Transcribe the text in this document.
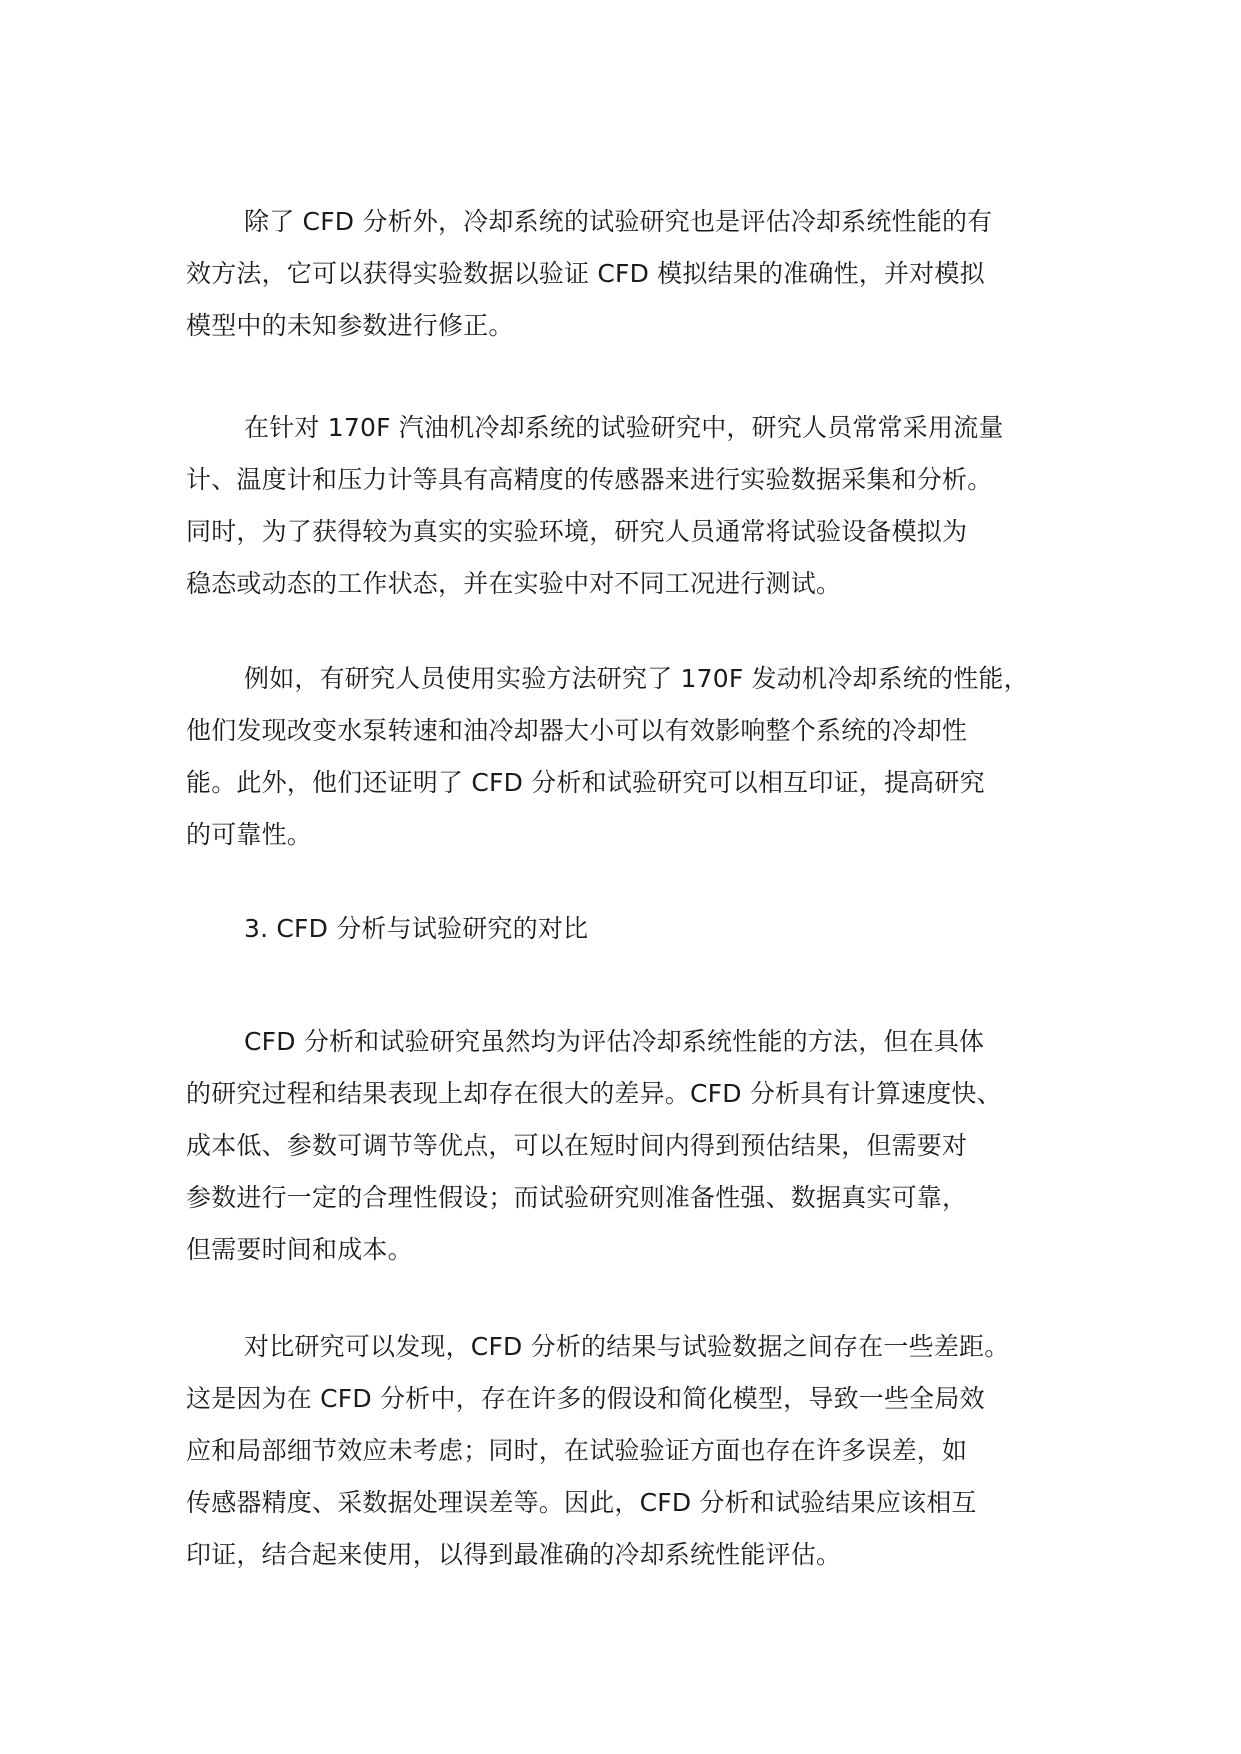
除了 CFD 分析外，冷却系统的试验研究也是评估冷却系统性能的有
效方法，它可以获得实验数据以验证 CFD 模拟结果的准确性，并对模拟
模型中的未知参数进行修正。

在针对 170F 汽油机冷却系统的试验研究中，研究人员常常采用流量
计、温度计和压力计等具有高精度的传感器来进行实验数据采集和分析。
同时，为了获得较为真实的实验环境，研究人员通常将试验设备模拟为
稳态或动态的工作状态，并在实验中对不同工况进行测试。

例如，有研究人员使用实验方法研究了 170F 发动机冷却系统的性能，
他们发现改变水泵转速和油冷却器大小可以有效影响整个系统的冷却性
能。此外，他们还证明了 CFD 分析和试验研究可以相互印证，提高研究
的可靠性。

3. CFD 分析与试验研究的对比

CFD 分析和试验研究虽然均为评估冷却系统性能的方法，但在具体
的研究过程和结果表现上却存在很大的差异。CFD 分析具有计算速度快、
成本低、参数可调节等优点，可以在短时间内得到预估结果，但需要对
参数进行一定的合理性假设；而试验研究则准备性强、数据真实可靠，
但需要时间和成本。

对比研究可以发现，CFD 分析的结果与试验数据之间存在一些差距。
这是因为在 CFD 分析中，存在许多的假设和简化模型，导致一些全局效
应和局部细节效应未考虑；同时，在试验验证方面也存在许多误差，如
传感器精度、采数据处理误差等。因此，CFD 分析和试验结果应该相互
印证，结合起来使用，以得到最准确的冷却系统性能评估。
